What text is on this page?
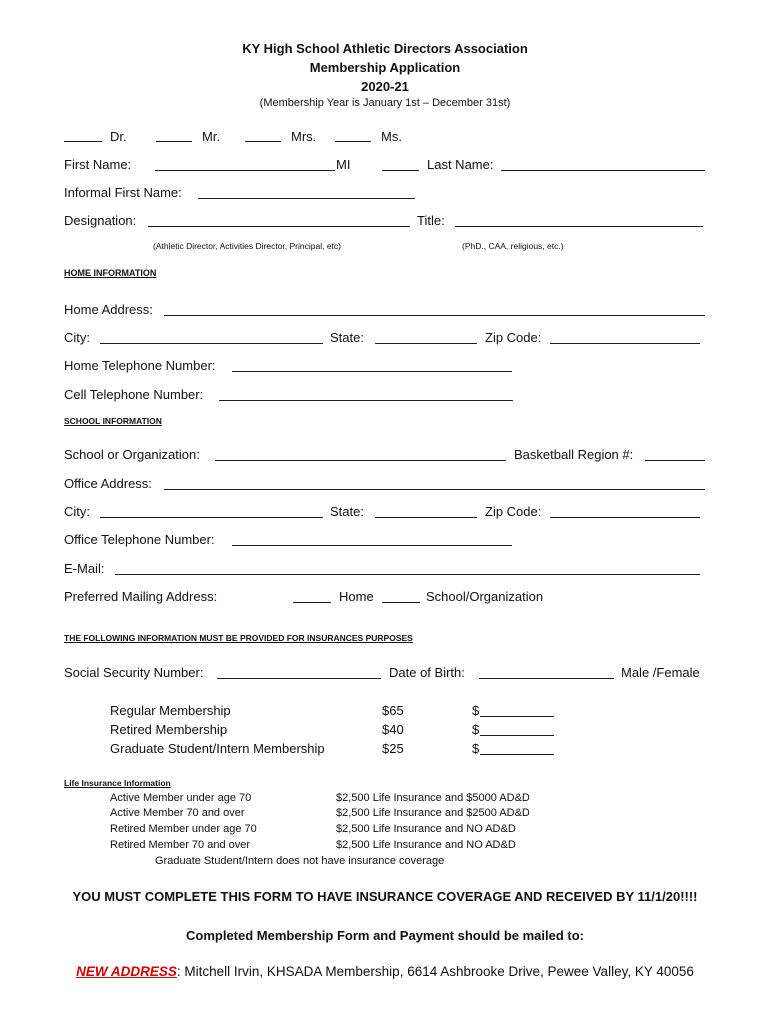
KY High School Athletic Directors Association
Membership Application
2020-21
(Membership Year is January 1st – December 31st)
Dr.	Mr.	Mrs.	Ms.
First Name:	MI	Last Name:
Informal First Name:
Designation:	Title:
(Athletic Director, Activities Director, Principal, etc)	(PhD., CAA, religious, etc.)
HOME INFORMATION
Home Address:
City:	State:	Zip Code:
Home Telephone Number:
Cell Telephone Number:
SCHOOL INFORMATION
School or Organization:	Basketball Region #:
Office Address:
City:	State:	Zip Code:
Office Telephone Number:
E-Mail:
Preferred Mailing Address:	Home	School/Organization
THE FOLLOWING INFORMATION MUST BE PROVIDED FOR INSURANCES PURPOSES
Social Security Number:	Date of Birth:	Male /Female
Regular Membership	$65	$
Retired Membership	$40	$
Graduate Student/Intern Membership	$25	$
Life Insurance Information
Active Member under age 70	$2,500 Life Insurance and $5000 AD&D
Active Member 70 and over	$2,500 Life Insurance and $2500 AD&D
Retired Member under age 70	$2,500 Life Insurance and NO AD&D
Retired Member 70 and over	$2,500 Life Insurance and NO AD&D
Graduate Student/Intern does not have insurance coverage
YOU MUST COMPLETE THIS FORM TO HAVE INSURANCE COVERAGE AND RECEIVED BY 11/1/20!!!!
Completed Membership Form and Payment should be mailed to:
NEW ADDRESS: Mitchell Irvin, KHSADA Membership, 6614 Ashbrooke Drive, Pewee Valley, KY 40056
